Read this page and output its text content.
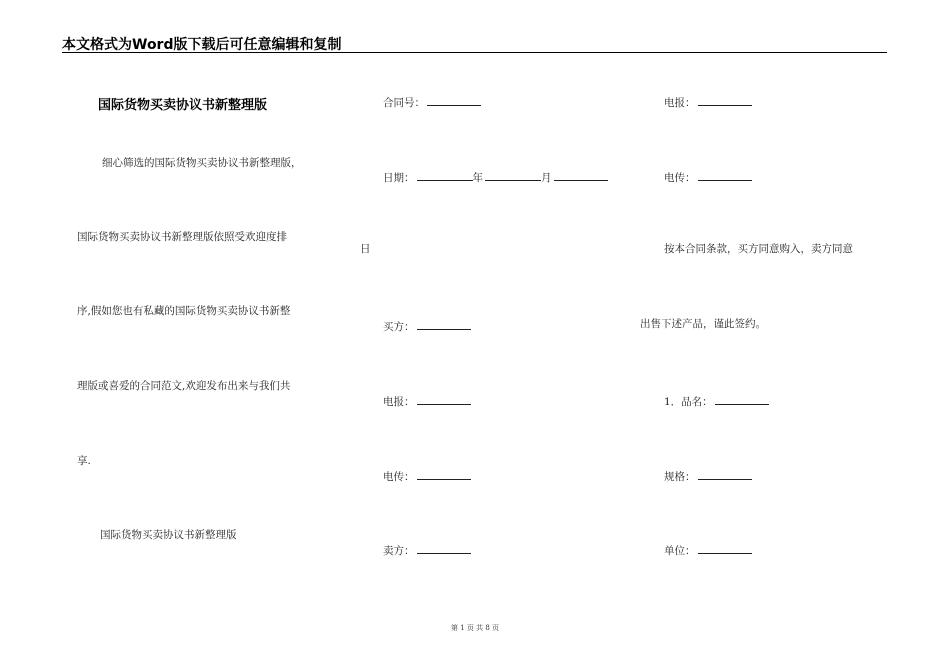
本文格式为Word版下载后可任意编辑和复制
国际货物买卖协议书新整理版
细心筛选的国际货物买卖协议书新整理版，
国际货物买卖协议书新整理版依照受欢迎度排
序,假如您也有私藏的国际货物买卖协议书新整
理版或喜爱的合同范文,欢迎发布出来与我们共
享.
国际货物买卖协议书新整理版
合同号：
日期：	年	月
日
买方：
电报：
电传：
卖方：
电报：
电传：
按本合同条款，买方同意购入，卖方同意
出售下述产品，谨此签约。
1．品名：
规格：
单位：
第 1 页 共 8 页
